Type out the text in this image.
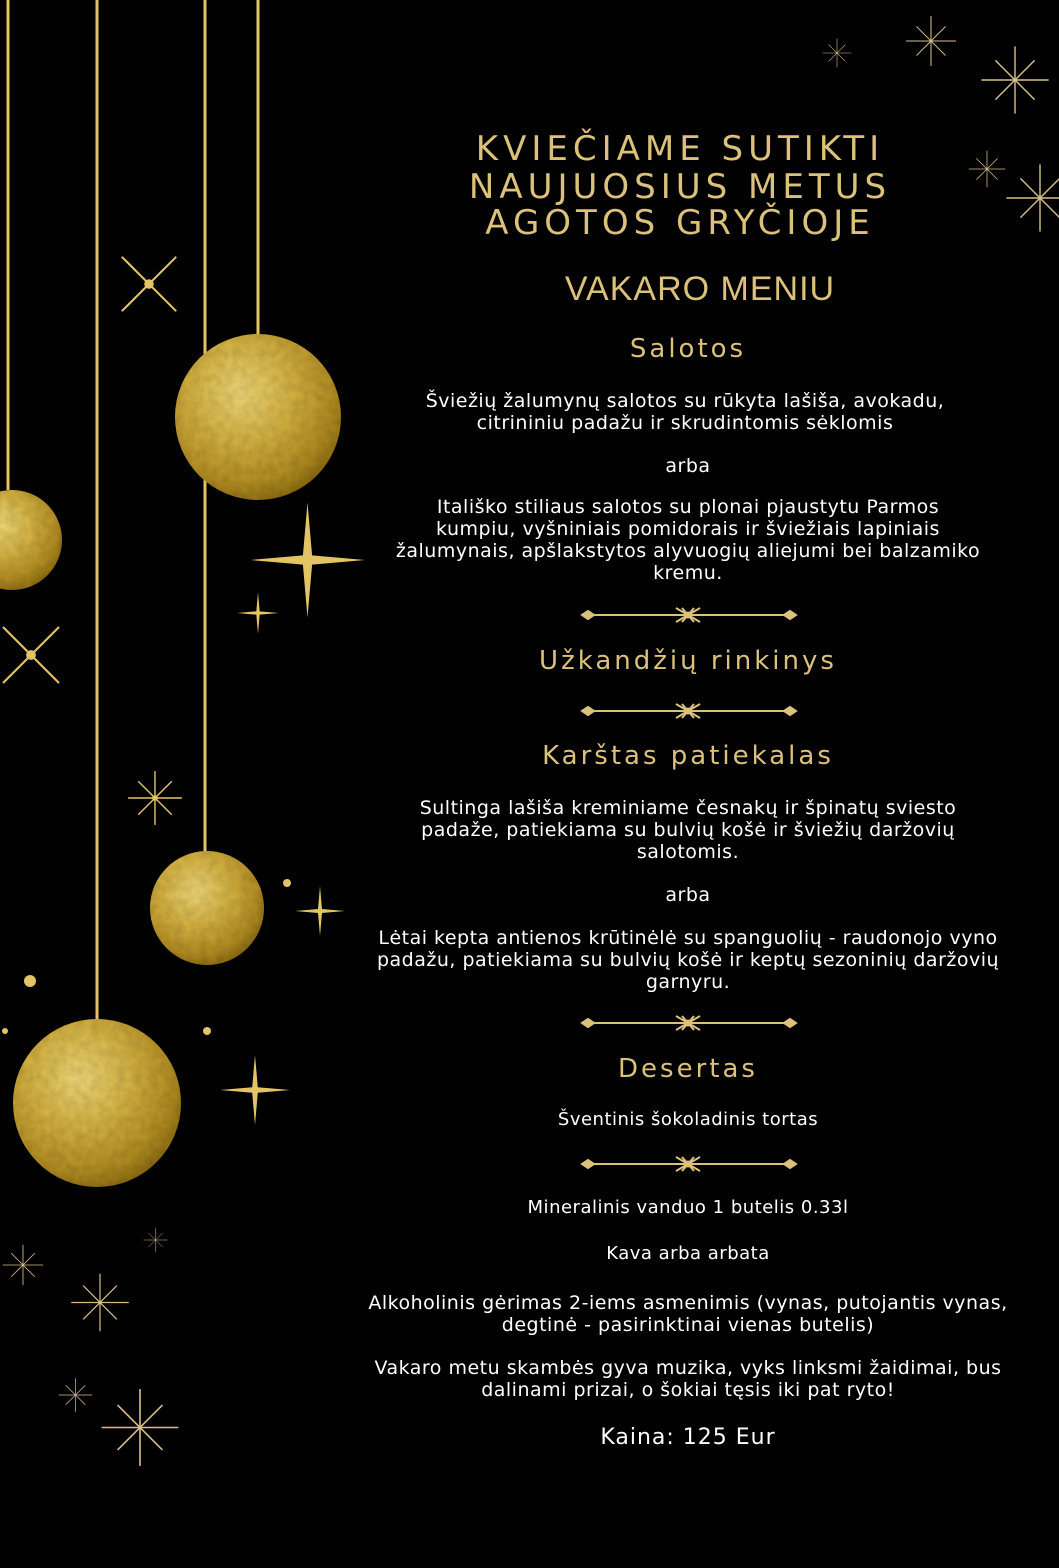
KVIEČIAME SUTIKTI
NAUJUOSIUS METUS
AGOTOS GRYČIOJE
VAKARO MENIU
Salotos
Šviežių žalumynų salotos su rūkyta lašiša, avokadu, citrininiu padažu ir skrudintomis sėklomis
arba
Itališko stiliaus salotos su plonai pjaustytu Parmos kumpiu, vyšniniais pomidorais ir šviežiais lapiniais žalumynais, apšlakstytos alyvuogių aliejumi bei balzamiko kremu.
Užkandžių rinkinys
Karštas patiekalas
Sultinga lašiša kreminiame česnakų ir špinatų sviesto padaže, patiekiama su bulvių košė ir šviežių daržovių salotomis.
arba
Lėtai kepta antienos krūtinėlė su spanguolių - raudonojo vyno padažu, patiekiama su bulvių košė ir keptų sezoninių daržovių garnyru.
Desertas
Šventinis šokoladinis tortas
Mineralinis vanduo 1 butelis 0.33l
Kava arba arbata
Alkoholinis gėrimas 2-iems asmenimis (vynas, putojantis vynas, degtinė - pasirinktinai vienas butelis)
Vakaro metu skambės gyva muzika, vyks linksmi žaidimai, bus dalinami prizai, o šokiai tęsis iki pat ryto!
Kaina: 125 Eur
